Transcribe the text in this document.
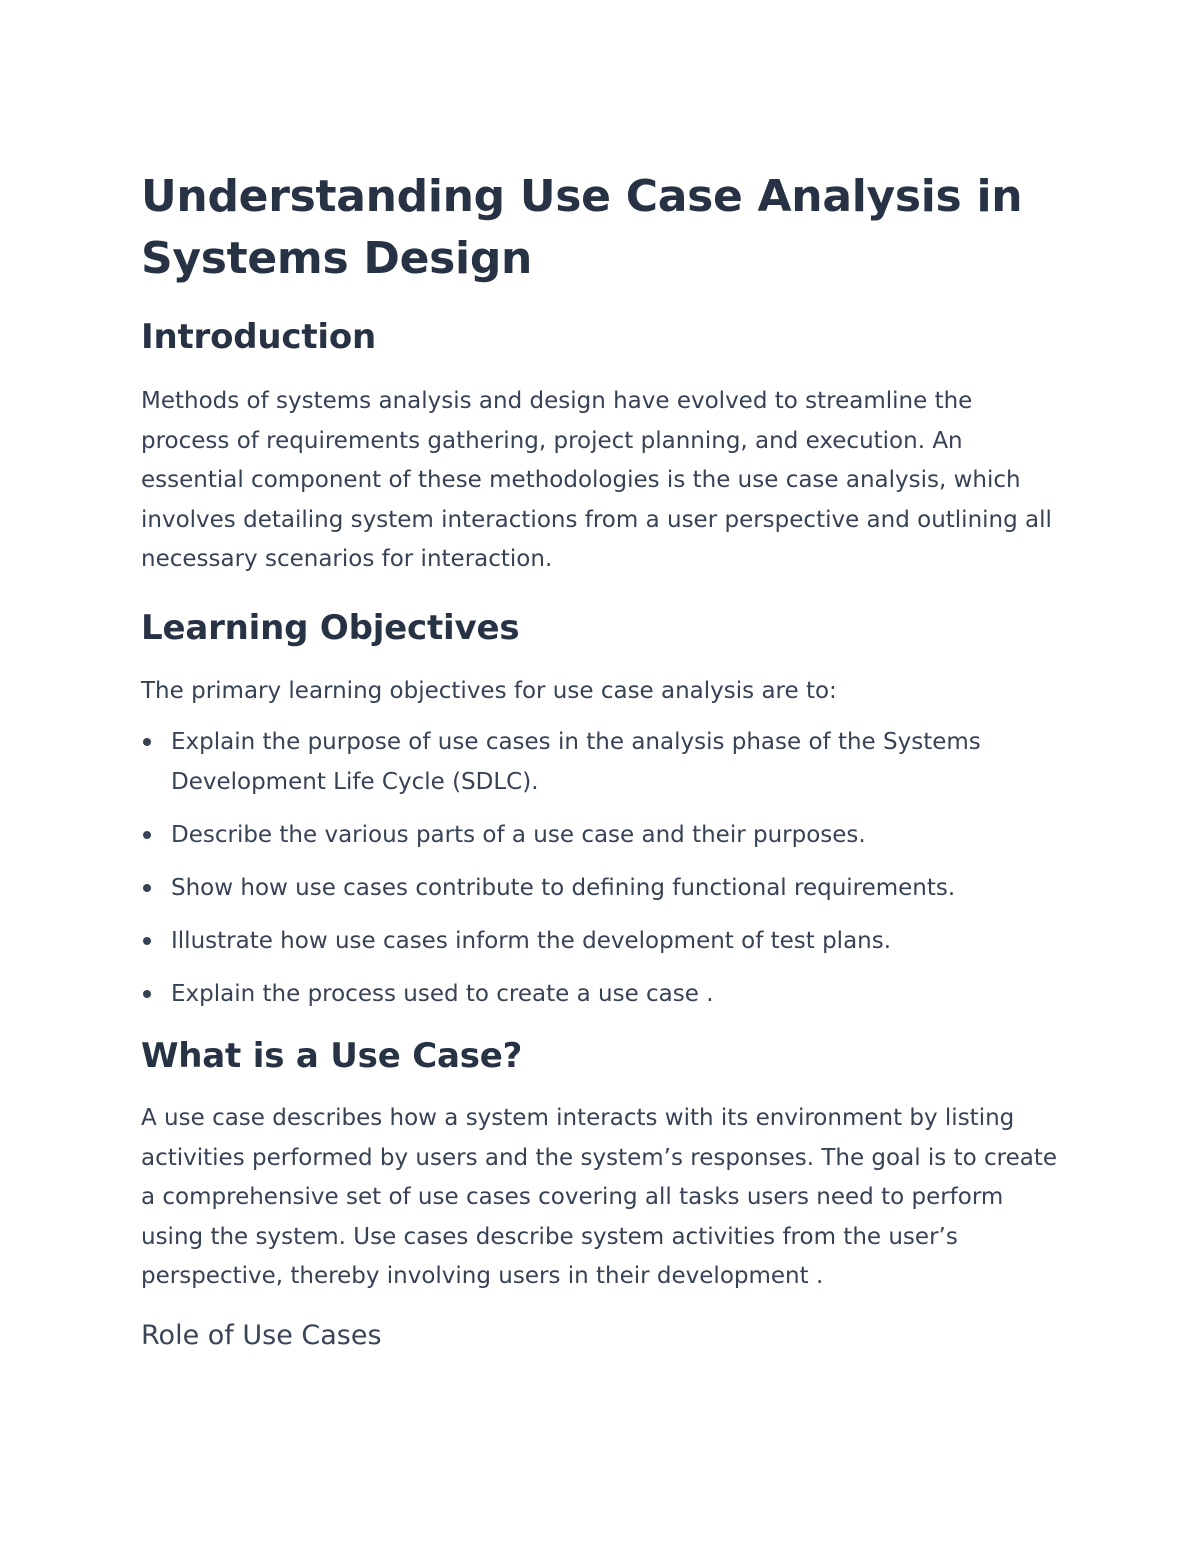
Understanding Use Case Analysis in Systems Design
Introduction

Methods of systems analysis and design have evolved to streamline the process of requirements gathering, project planning, and execution. An essential component of these methodologies is the use case analysis, which involves detailing system interactions from a user perspective and outlining all necessary scenarios for interaction.

Learning Objectives

The primary learning objectives for use case analysis are to:

Explain the purpose of use cases in the analysis phase of the Systems Development Life Cycle (SDLC).
Describe the various parts of a use case and their purposes.
Show how use cases contribute to defining functional requirements.
Illustrate how use cases inform the development of test plans.
Explain the process used to create a use case .
What is a Use Case?

A use case describes how a system interacts with its environment by listing activities performed by users and the system’s responses. The goal is to create a comprehensive set of use cases covering all tasks users need to perform using the system. Use cases describe system activities from the user’s perspective, thereby involving users in their development .

Role of Use Cases
